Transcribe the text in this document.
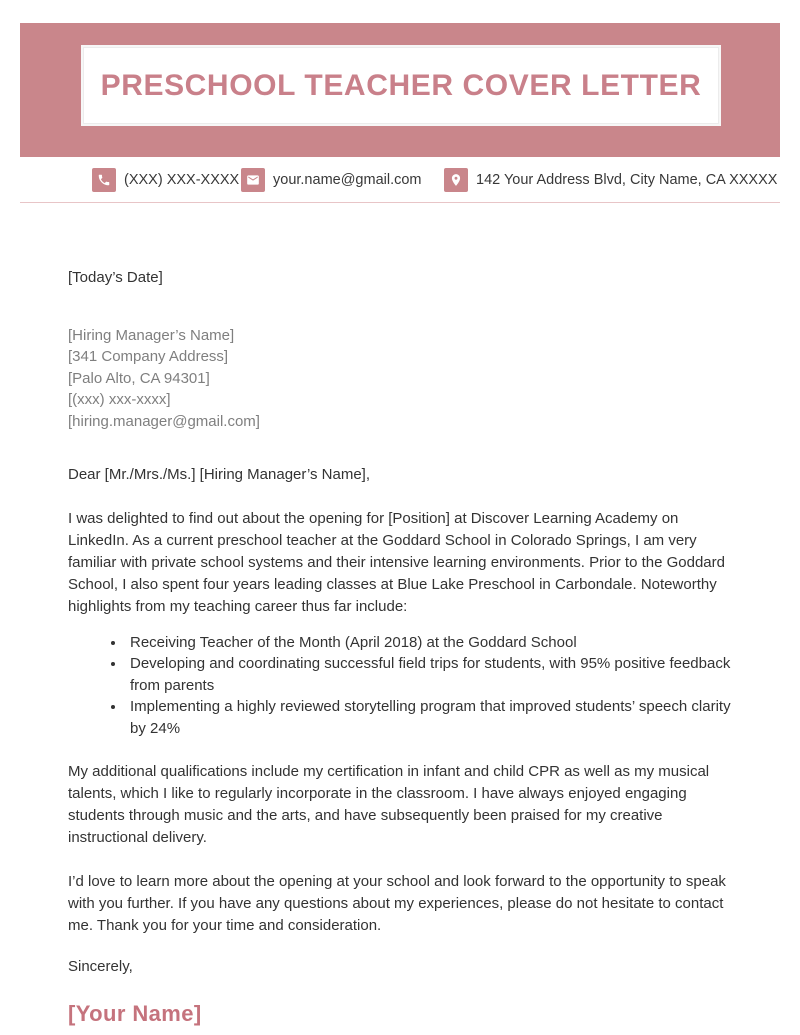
PRESCHOOL TEACHER COVER LETTER
(XXX) XXX-XXXX your.name@gmail.com	142 Your Address Blvd, City Name, CA XXXXX

[Today’s Date]

[Hiring Manager’s Name]

[341 Company Address]

[Palo Alto, CA 94301]

[(xxx) xxx-xxxx]

[hiring.manager@gmail.com]

Dear [Mr./Mrs./Ms.] [Hiring Manager’s Name],

I was delighted to find out about the opening for [Position] at Discover Learning Academy on LinkedIn. As a current preschool teacher at the Goddard School in Colorado Springs, I am very familiar with private school systems and their intensive learning environments. Prior to the Goddard School, I also spent four years leading classes at Blue Lake Preschool in Carbondale. Noteworthy highlights from my teaching career thus far include:

• Receiving Teacher of the Month (April 2018) at the Goddard School
• Developing and coordinating successful field trips for students, with 95% positive feedback from parents
• Implementing a highly reviewed storytelling program that improved students’ speech clarity by 24%

My additional qualifications include my certification in infant and child CPR as well as my musical talents, which I like to regularly incorporate in the classroom. I have always enjoyed engaging students through music and the arts, and have subsequently been praised for my creative instructional delivery.

I’d love to learn more about the opening at your school and look forward to the opportunity to speak with you further. If you have any questions about my experiences, please do not hesitate to contact me. Thank you for your time and consideration.

Sincerely,

[Your Name]
